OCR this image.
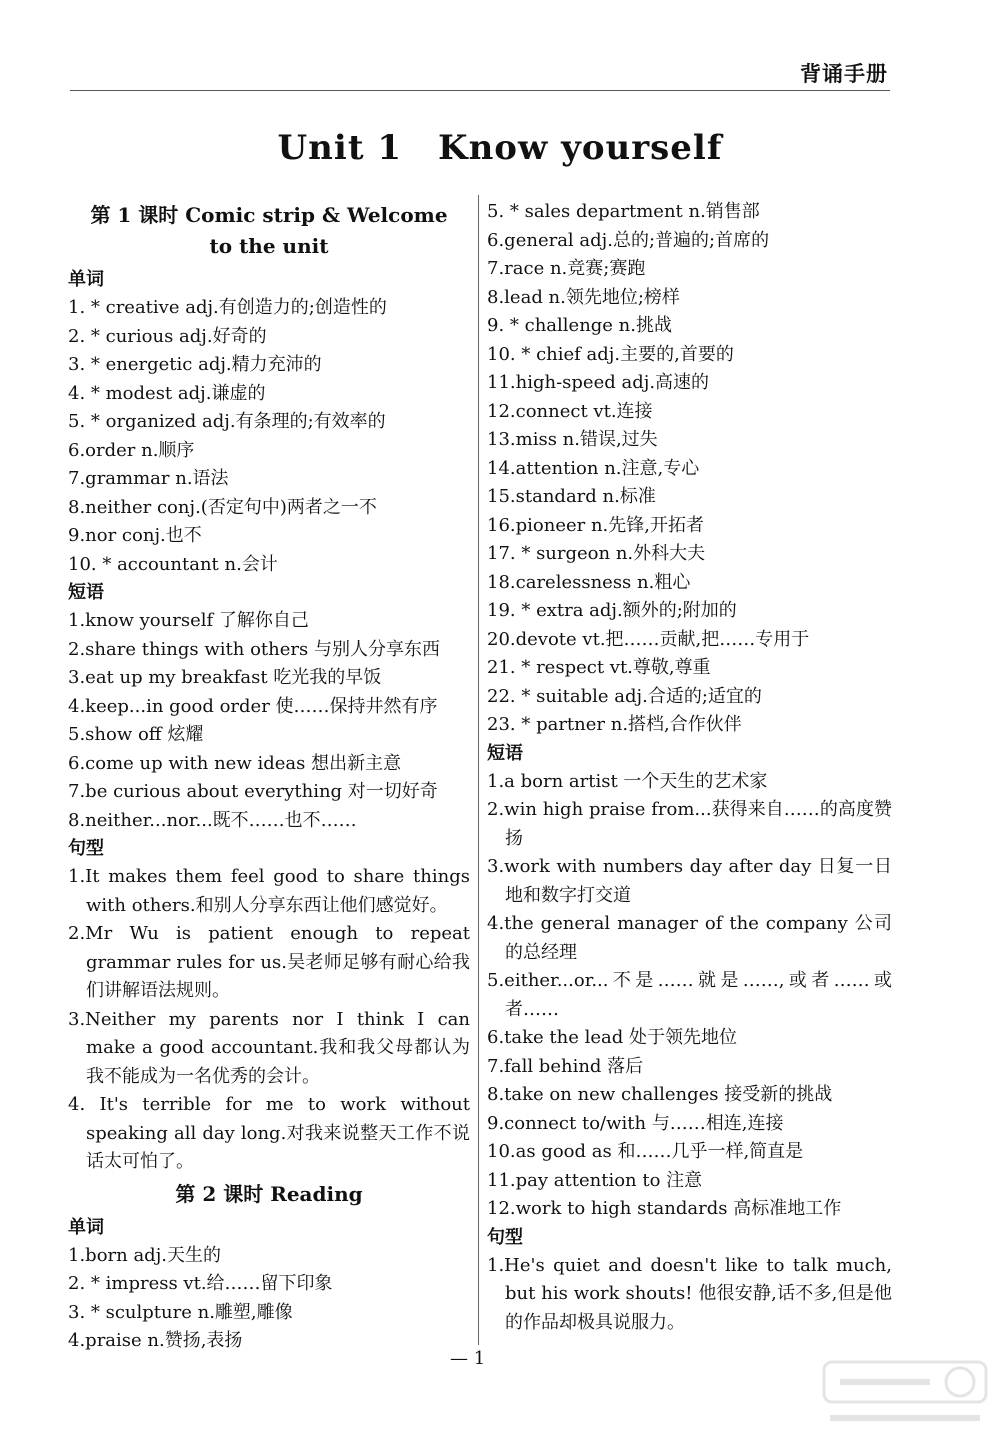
背诵手册
Unit 1 Know yourself
第 1 课时 Comic strip & Welcome
to the unit
单词
1. * creative adj.有创造力的;创造性的
2. * curious adj.好奇的
3. * energetic adj.精力充沛的
4. * modest adj.谦虚的
5. * organized adj.有条理的;有效率的
6.order n.顺序
7.grammar n.语法
8.neither conj.(否定句中)两者之一不
9.nor conj.也不
10. * accountant n.会计
短语
1.know yourself 了解你自己
2.share things with others 与别人分享东西
3.eat up my breakfast 吃光我的早饭
4.keep...in good order 使……保持井然有序
5.show off 炫耀
6.come up with new ideas 想出新主意
7.be curious about everything 对一切好奇
8.neither...nor...既不……也不……
句型
1.It makes them feel good to share things with others.和别人分享东西让他们感觉好。
2.Mr Wu is patient enough to repeat grammar rules for us.吴老师足够有耐心给我们讲解语法规则。
3.Neither my parents nor I think I can make a good accountant.我和我父母都认为我不能成为一名优秀的会计。
4. It's terrible for me to work without speaking all day long.对我来说整天工作不说话太可怕了。
第 2 课时 Reading
单词
1.born adj.天生的
2. * impress vt.给……留下印象
3. * sculpture n.雕塑,雕像
4.praise n.赞扬,表扬
5. * sales department n.销售部
6.general adj.总的;普遍的;首席的
7.race n.竞赛;赛跑
8.lead n.领先地位;榜样
9. * challenge n.挑战
10. * chief adj.主要的,首要的
11.high-speed adj.高速的
12.connect vt.连接
13.miss n.错误,过失
14.attention n.注意,专心
15.standard n.标准
16.pioneer n.先锋,开拓者
17. * surgeon n.外科大夫
18.carelessness n.粗心
19. * extra adj.额外的;附加的
20.devote vt.把……贡献,把……专用于
21. * respect vt.尊敬,尊重
22. * suitable adj.合适的;适宜的
23. * partner n.搭档,合作伙伴
短语
1.a born artist 一个天生的艺术家
2.win high praise from...获得来自……的高度赞扬
3.work with numbers day after day 日复一日地和数字打交道
4.the general manager of the company 公司的总经理
5.either...or...不是……就是……,或者……或者……
6.take the lead 处于领先地位
7.fall behind 落后
8.take on new challenges 接受新的挑战
9.connect to/with 与……相连,连接
10.as good as 和……几乎一样,简直是
11.pay attention to 注意
12.work to high standards 高标准地工作
句型
1.He's quiet and doesn't like to talk much, but his work shouts! 他很安静,话不多,但是他的作品却极具说服力。
— 1
